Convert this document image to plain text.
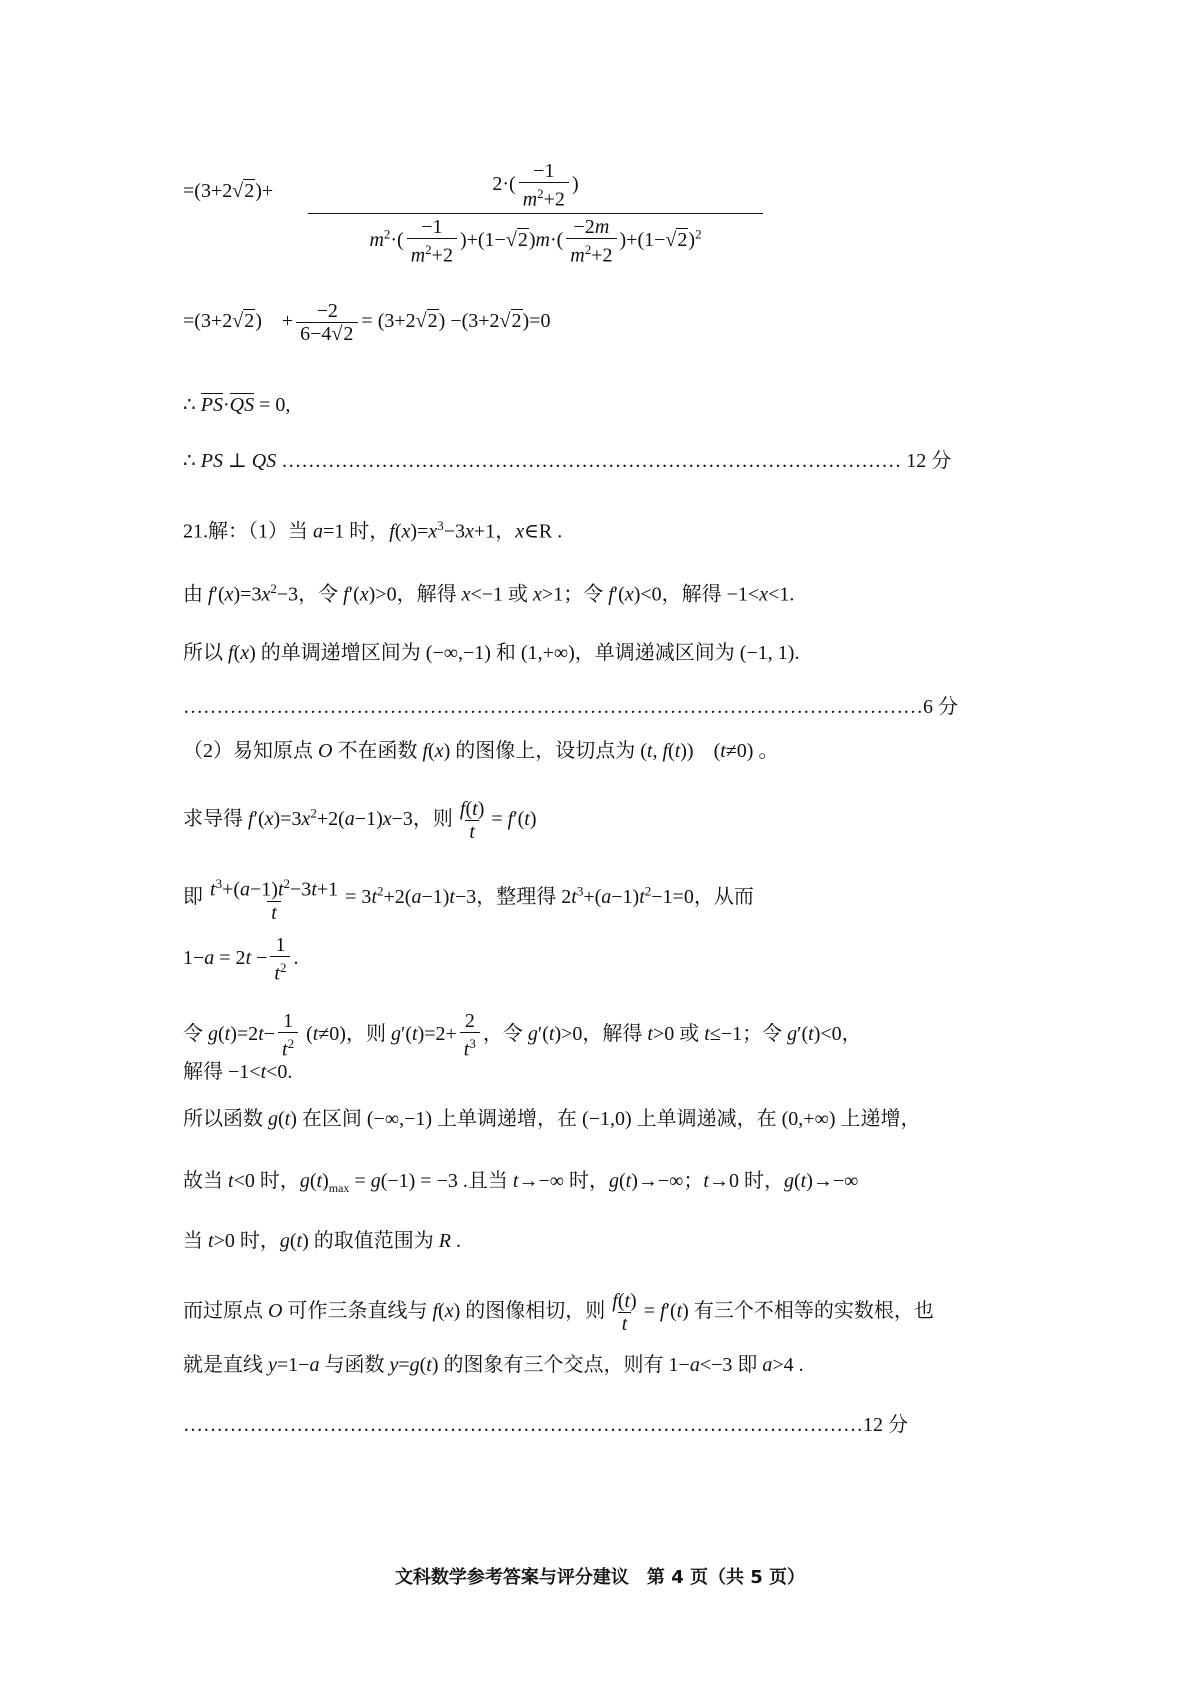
=(3+2√ 2)+	$2\cdot( \frac{-1}{m^2+2}$ )
$m^2\cdot( \frac{-1}{m^2+2} )+(1-√$ $2)m\cdot( \frac{-2m}{m^2+2} )+(1-√$ 2)$^2$
=(3+2√ 2)　+ $\frac{-2}{6-4√ 2} = (3+2√$ 2) −(3+2√ 2)=0
∴ PS·QS = 0,
∴ PS ⊥ QS ………………………………………………………………………………… 12 分
21.解：（1）当 a=1 时，$f(x)=x^3-3x+1$，x∈R .
由 $f'(x)=3x^2-3$，令 f′(x)>0，解得 x<−1 或 x>1；令 f′(x)<0，解得 −1<x<1.
所以 f(x) 的单调递增区间为 (−∞,−1) 和 (1,+∞)，单调递减区间为 (−1, 1).
…………………………………………………………………………………………………6 分
（2）易知原点 O 不在函数 f(x) 的图像上，设切点为 (t, f(t))　(t≠0) 。
求导得 $f'(x)=3x^2+2(a-1)x-3$，则 $\frac{f(t)}{t} = f'(t)$
即 $\frac{t^3+(a-1)t^2-3t+1}{t} = 3t^2+2(a-1)t-3$，整理得 $2t^3+(a-1)t^2-1=0$，从而
$1-a = 2t - \frac{1}{t^2}$ .
令 $g(t)=2t- \frac{1}{t^2} (t\ne 0)$，则 $g'(t)=2+ \frac{2}{t^3}$ ，令 g′(t)>0，解得 t>0 或 t≤−1；令 g′(t)<0，
解得 −1<t<0.
所以函数 g(t) 在区间 (−∞,−1) 上单调递增，在 (−1,0) 上单调递减，在 (0,+∞) 上递增，
故当 t<0 时，$g(t)_{max} = g(-1) = -3$ .且当 t→−∞ 时，g(t)→−∞；t→0 时，g(t)→−∞
当 t>0 时，g(t) 的取值范围为 R .
而过原点 O 可作三条直线与 f(x) 的图像相切，则 $\frac{f(t)}{t} = f'(t)$ 有三个不相等的实数根，也
就是直线 y=1−a 与函数 y=g(t) 的图象有三个交点，则有 1−a<−3 即 a>4 .
…………………………………………………………………………………………12 分
文科数学参考答案与评分建议　第 4 页（共 5 页）
